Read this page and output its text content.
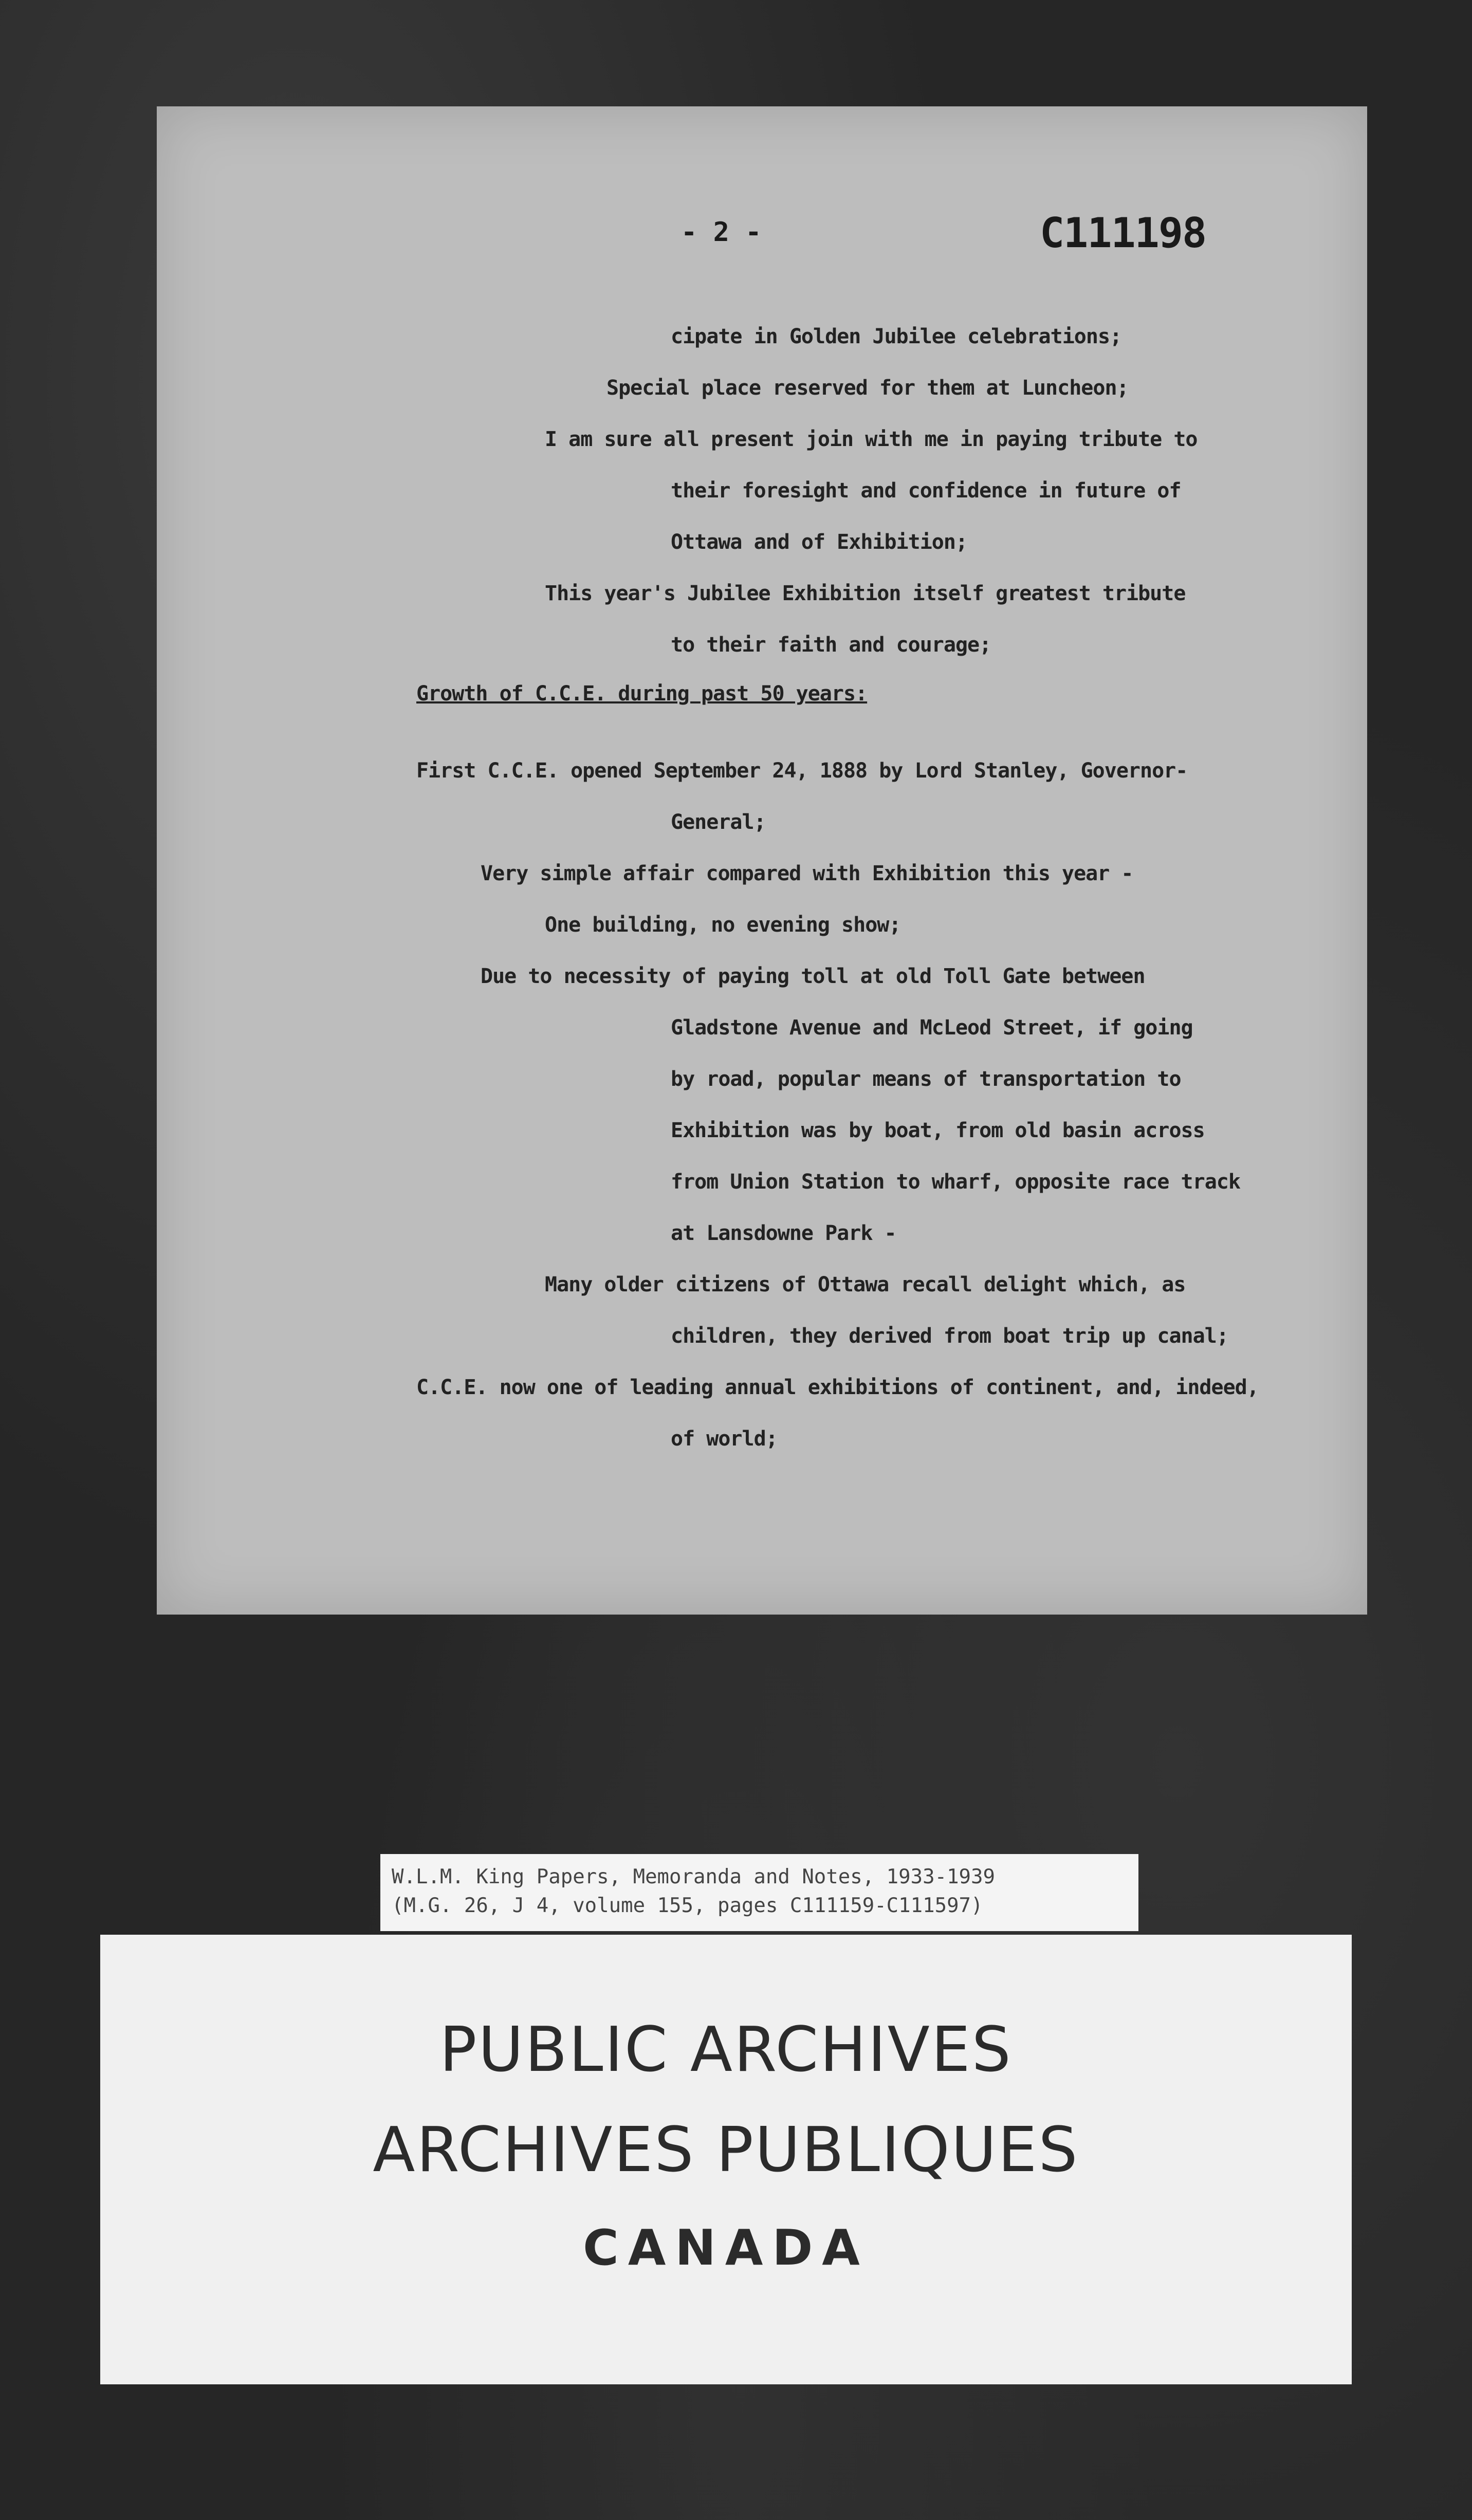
- 2 -	C111198
cipate in Golden Jubilee celebrations;
Special place reserved for them at Luncheon;
I am sure all present join with me in paying tribute to
their foresight and confidence in future of
Ottawa and of Exhibition;
This year's Jubilee Exhibition itself greatest tribute
to their faith and courage;
Growth of C.C.E. during past 50 years:
First C.C.E. opened September 24, 1888 by Lord Stanley, Governor-
General;
Very simple affair compared with Exhibition this year -
One building, no evening show;
Due to necessity of paying toll at old Toll Gate between
Gladstone Avenue and McLeod Street, if going
by road, popular means of transportation to
Exhibition was by boat, from old basin across
from Union Station to wharf, opposite race track
at Lansdowne Park -
Many older citizens of Ottawa recall delight which, as
children, they derived from boat trip up canal;
C.C.E. now one of leading annual exhibitions of continent, and, indeed,
of world;
W.L.M. King Papers, Memoranda and Notes, 1933-1939
(M.G. 26, J 4, volume 155, pages C111159-C111597)
PUBLIC ARCHIVES
ARCHIVES PUBLIQUES
CANADA
